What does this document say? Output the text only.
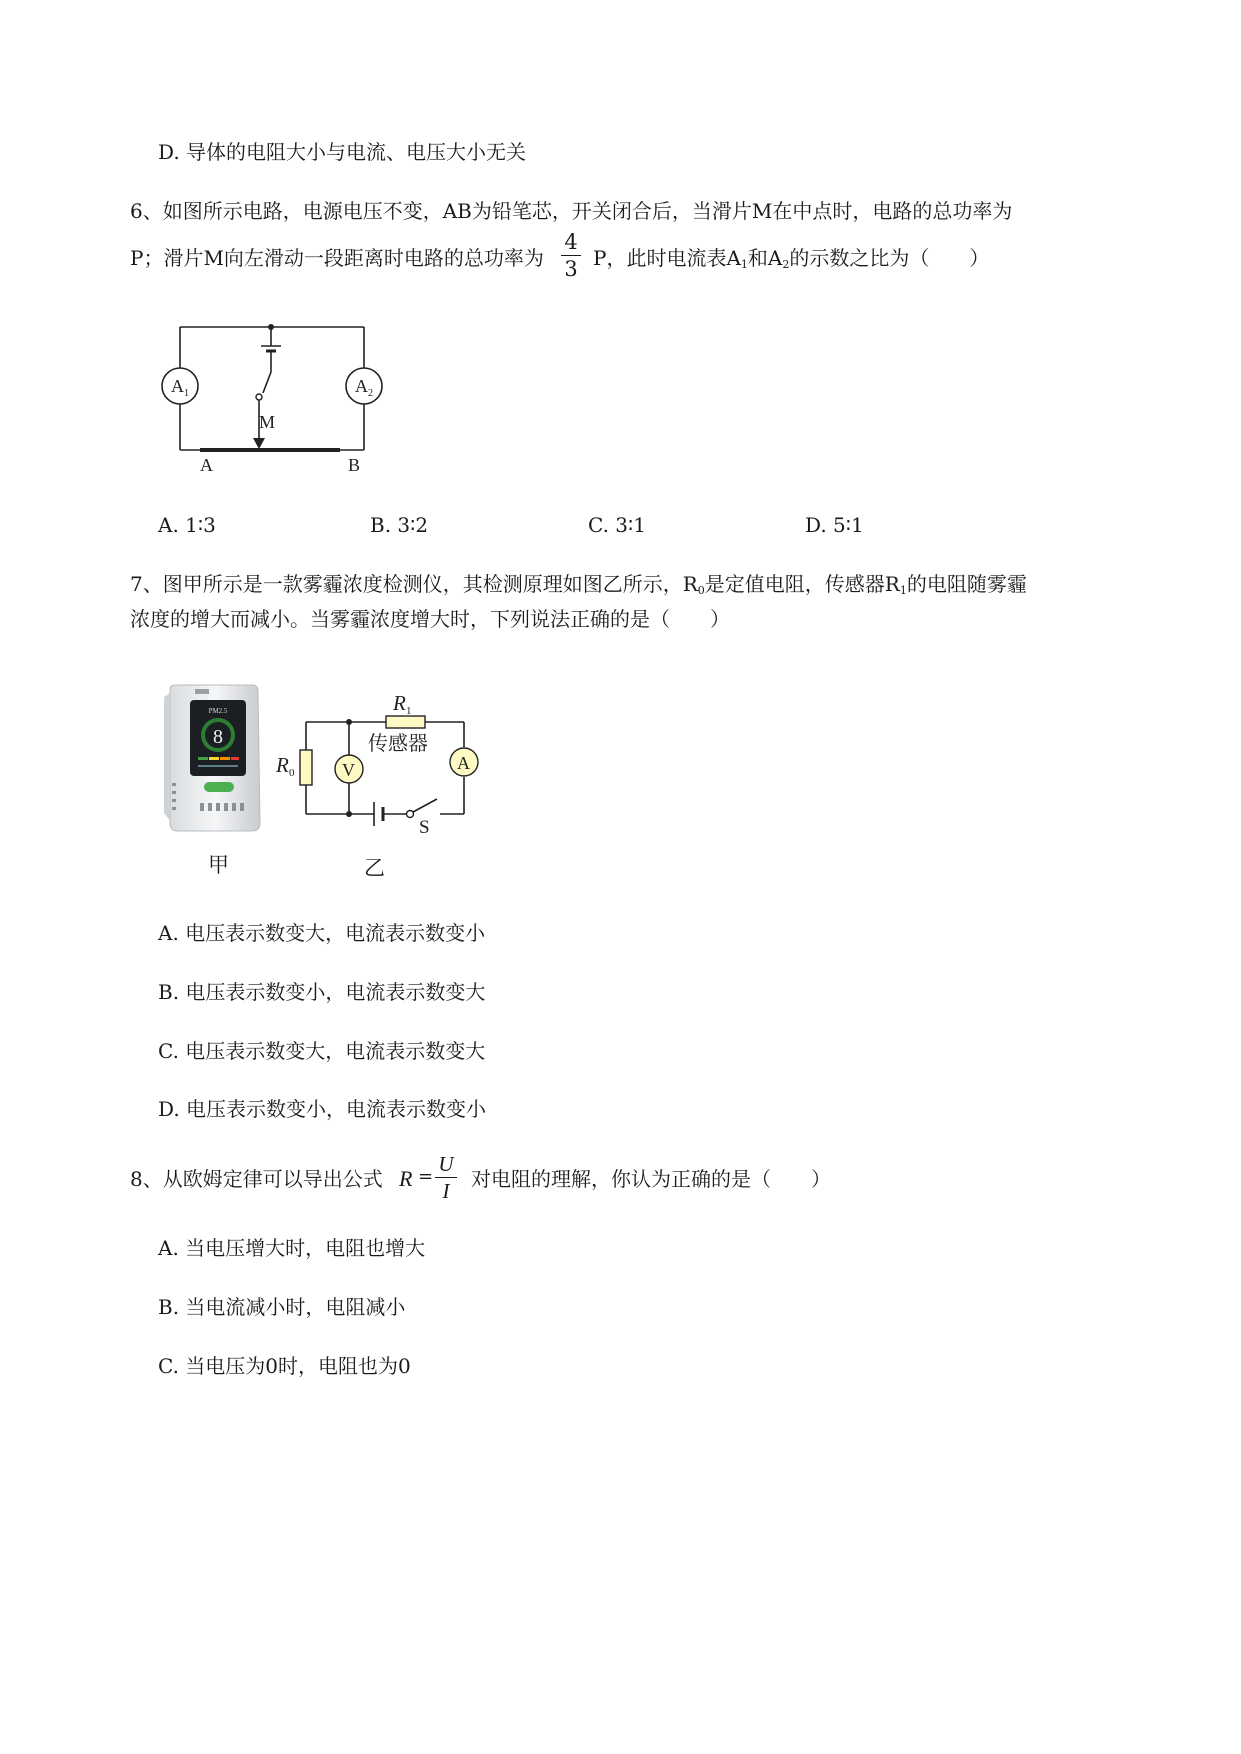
D. 导体的电阻大小与电流、电压大小无关
6、如图所示电路，电源电压不变，AB为铅笔芯，开关闭合后，当滑片M在中点时，电路的总功率为
P；滑片M向左滑动一段距离时电路的总功率为
4
3 P，此时电流表$A_1$和$A_2$的示数之比为（　　）
A 1	A 2
M
A	B
A. 1∶3	B. 3∶2	C. 3∶1	D. 5∶1
7、图甲所示是一款雾霾浓度检测仪，其检测原理如图乙所示，$R_0$是定值电阻，传感器$R_1$的电阻随雾霾
浓度的增大而减小。当雾霾浓度增大时，下列说法正确的是（　　）
PM2.5
8
V	A
R 1
传感器
R 0
S
甲	乙
A. 电压表示数变大，电流表示数变小
B. 电压表示数变小，电流表示数变大
C. 电压表示数变大，电流表示数变大
D. 电压表示数变小，电流表示数变小
8、从欧姆定律可以导出公式 R =
U
I	对电阻的理解，你认为正确的是（　　）
A. 当电压增大时，电阻也增大
B. 当电流减小时，电阻减小
C. 当电压为0时，电阻也为0
